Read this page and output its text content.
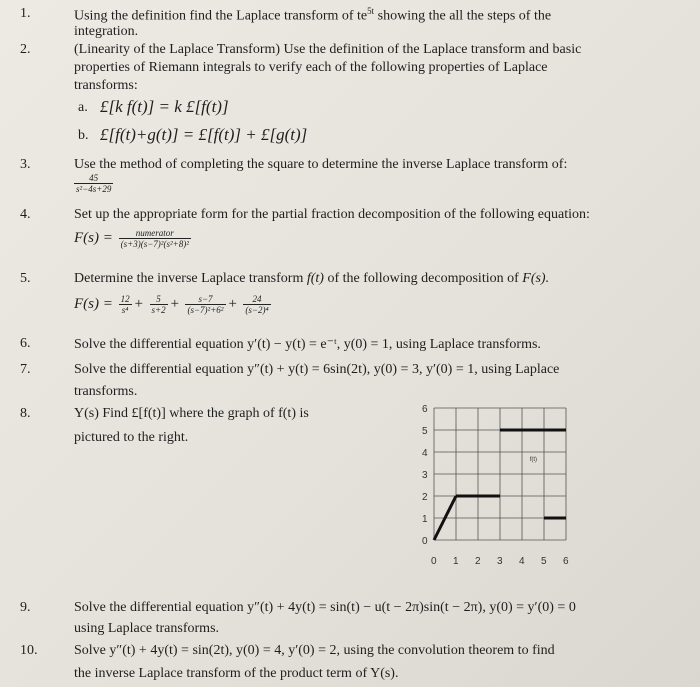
1.	Using the definition find the Laplace transform of $te^{5t}$ showing the all the steps of the
integration.
2.	(Linearity of the Laplace Transform) Use the definition of the Laplace transform and basic
properties of Riemann integrals to verify each of the following properties of Laplace
transforms:
a. £[k f(t)] = k £[f(t)]
b. £[f(t)+g(t)] = £[f(t)] + £[g(t)]
3.	Use the method of completing the square to determine the inverse Laplace transform of:
$\frac{45}{\text{s²−4s+29}}$
4.	Set up the appropriate form for the partial fraction decomposition of the following equation:
$F(s) = \frac{\text{numerator}}{\text{(s+3)(s−7)²(s²+8)²}}$
5.	Determine the inverse Laplace transform f(t) of the following decomposition of F(s).
$F(s) = \frac{12}{\text{s⁴}} + \frac{5}{s+2} + \frac{s-7}{\text{(s−7)²+6²}} + \frac{24}{\text{(s−2)⁴}}$
6.	Solve the differential equation y′(t) − y(t) = e⁻ᵗ, y(0) = 1, using Laplace transforms.
7.	Solve the differential equation y″(t) + y(t) = 6sin(2t), y(0) = 3, y′(0) = 1, using Laplace
transforms.
8.	Y(s) Find £[f(t)] where the graph of f(t) is
pictured to the right.
0
1
2
3
4
5
6
0 1 2 3 4 5 6
f(t)
9.	Solve the differential equation y″(t) + 4y(t) = sin(t) − u(t − 2π)sin(t − 2π), y(0) = y′(0) = 0
using Laplace transforms.
10.	Solve y″(t) + 4y(t) = sin(2t), y(0) = 4, y′(0) = 2, using the convolution theorem to find
the inverse Laplace transform of the product term of Y(s).
